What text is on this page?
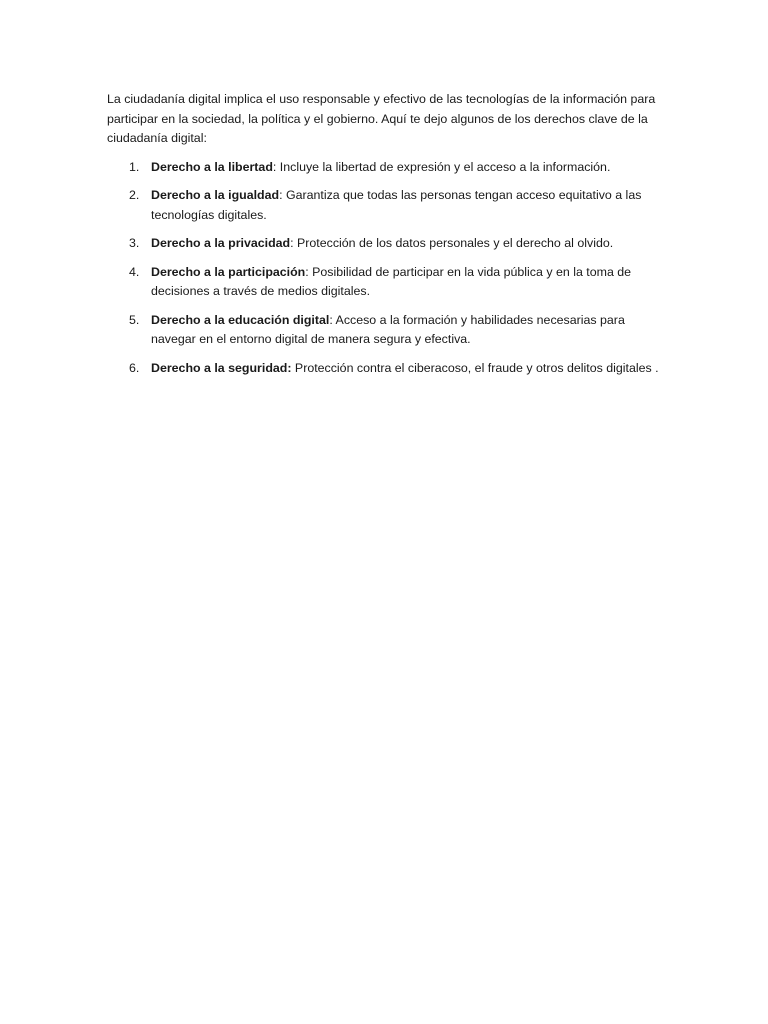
La ciudadanía digital implica el uso responsable y efectivo de las tecnologías de la información para participar en la sociedad, la política y el gobierno. Aquí te dejo algunos de los derechos clave de la ciudadanía digital:

1. Derecho a la libertad: Incluye la libertad de expresión y el acceso a la información.
2. Derecho a la igualdad: Garantiza que todas las personas tengan acceso equitativo a las tecnologías digitales.
3. Derecho a la privacidad: Protección de los datos personales y el derecho al olvido.
4. Derecho a la participación: Posibilidad de participar en la vida pública y en la toma de decisiones a través de medios digitales.
5. Derecho a la educación digital: Acceso a la formación y habilidades necesarias para navegar en el entorno digital de manera segura y efectiva.
6. Derecho a la seguridad: Protección contra el ciberacoso, el fraude y otros delitos digitales .
